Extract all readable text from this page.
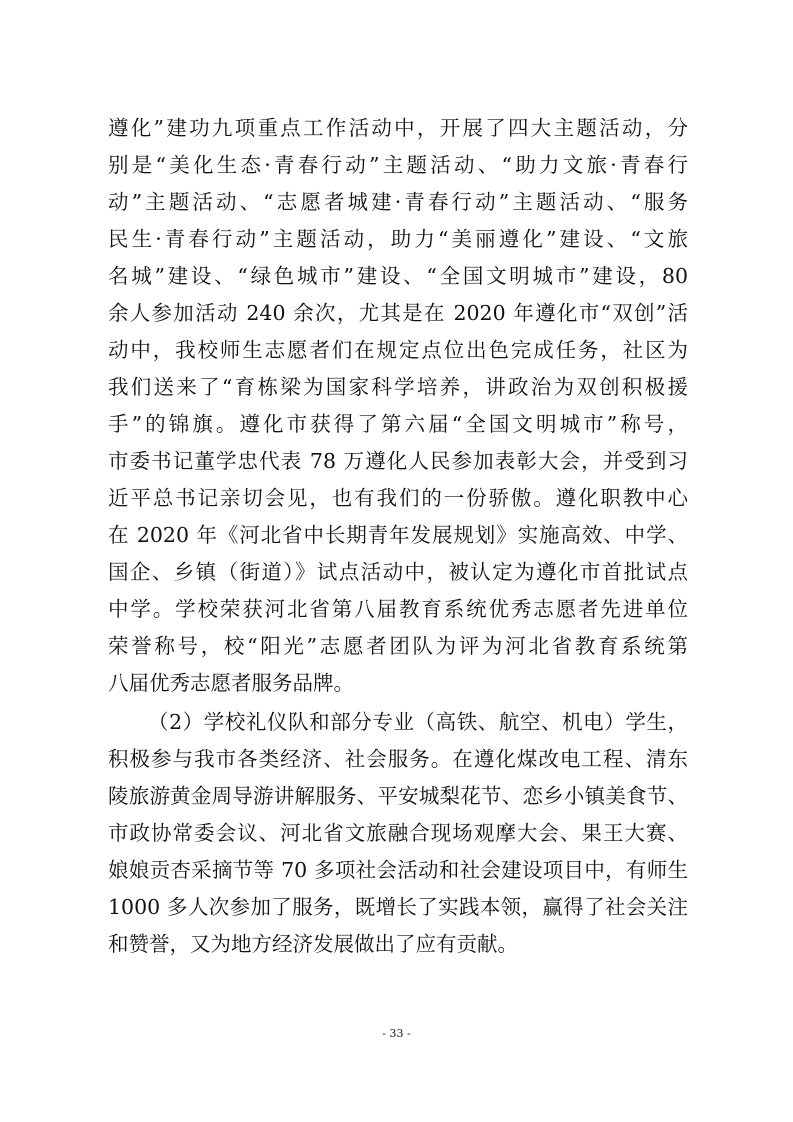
遵化”建功九项重点工作活动中，开展了四大主题活动，分
别是“美化生态·青春行动”主题活动、“助力文旅·青春行
动”主题活动、“志愿者城建·青春行动”主题活动、“服务
民生·青春行动”主题活动，助力“美丽遵化”建设、“文旅
名城”建设、“绿色城市”建设、“全国文明城市”建设，80
余人参加活动 240 余次，尤其是在 2020 年遵化市“双创”活
动中，我校师生志愿者们在规定点位出色完成任务，社区为
我们送来了“育栋梁为国家科学培养，讲政治为双创积极援
手”的锦旗。遵化市获得了第六届“全国文明城市”称号，
市委书记董学忠代表 78 万遵化人民参加表彰大会，并受到习
近平总书记亲切会见，也有我们的一份骄傲。遵化职教中心
在 2020 年《河北省中长期青年发展规划》实施高效、中学、
国企、乡镇（街道）》试点活动中，被认定为遵化市首批试点
中学。学校荣获河北省第八届教育系统优秀志愿者先进单位
荣誉称号，校“阳光”志愿者团队为评为河北省教育系统第
八届优秀志愿者服务品牌。
（2）学校礼仪队和部分专业（高铁、航空、机电）学生，
积极参与我市各类经济、社会服务。在遵化煤改电工程、清东
陵旅游黄金周导游讲解服务、平安城梨花节、恋乡小镇美食节、
市政协常委会议、河北省文旅融合现场观摩大会、果王大赛、
娘娘贡杏采摘节等 70 多项社会活动和社会建设项目中，有师生
1000 多人次参加了服务，既增长了实践本领，赢得了社会关注
和赞誉，又为地方经济发展做出了应有贡献。
- 33 -
